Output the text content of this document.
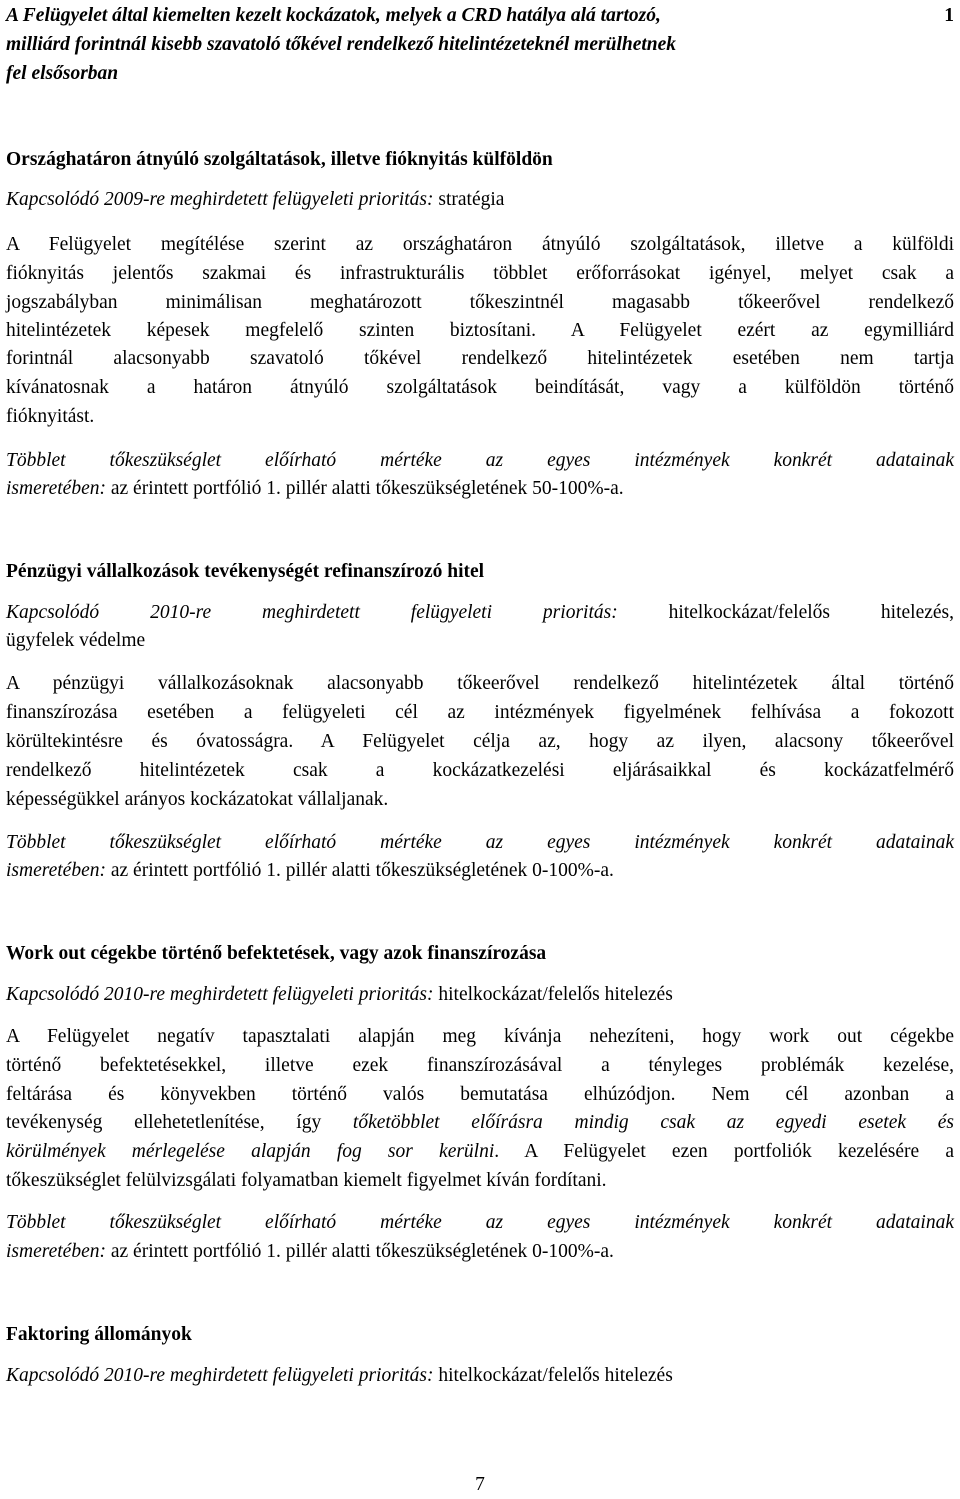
A Felügyelet által kiemelten kezelt kockázatok, melyek a CRD hatálya alá tartozó,	1
milliárd forintnál kisebb szavatoló tőkével rendelkező hitelintézeteknél merülhetnek
fel elsősorban
Országhatáron átnyúló szolgáltatások, illetve fióknyitás külföldön
Kapcsolódó 2009-re meghirdetett felügyeleti prioritás: stratégia
A Felügyelet megítélése szerint az országhatáron átnyúló szolgáltatások, illetve a külföldi
fióknyitás jelentős szakmai és infrastrukturális többlet erőforrásokat igényel, melyet csak a
jogszabályban minimálisan meghatározott tőkeszintnél magasabb tőkeerővel rendelkező
hitelintézetek képesek megfelelő szinten biztosítani. A Felügyelet ezért az egymilliárd
forintnál alacsonyabb szavatoló tőkével rendelkező hitelintézetek esetében nem tartja
kívánatosnak a határon átnyúló szolgáltatások beindítását, vagy a külföldön történő
fióknyitást.
Többlet tőkeszükséglet előírható mértéke az egyes intézmények konkrét adatainak
ismeretében: az érintett portfólió 1. pillér alatti tőkeszükségletének 50-100%-a.
Pénzügyi vállalkozások tevékenységét refinanszírozó hitel
Kapcsolódó 2010-re meghirdetett felügyeleti prioritás:	hitelkockázat/felelős hitelezés,
ügyfelek védelme
A pénzügyi vállalkozásoknak alacsonyabb tőkeerővel rendelkező hitelintézetek által történő
finanszírozása esetében a felügyeleti cél az intézmények figyelmének felhívása a fokozott
körültekintésre és óvatosságra. A Felügyelet célja az, hogy az ilyen, alacsony tőkeerővel
rendelkező hitelintézetek csak a kockázatkezelési eljárásaikkal és kockázatfelmérő
képességükkel arányos kockázatokat vállaljanak.
Többlet tőkeszükséglet előírható mértéke az egyes intézmények konkrét adatainak
ismeretében: az érintett portfólió 1. pillér alatti tőkeszükségletének 0-100%-a.
Work out cégekbe történő befektetések, vagy azok finanszírozása
Kapcsolódó 2010-re meghirdetett felügyeleti prioritás: hitelkockázat/felelős hitelezés
A Felügyelet negatív tapasztalati alapján meg kívánja nehezíteni, hogy work out cégekbe
történő befektetésekkel, illetve ezek finanszírozásával a tényleges problémák kezelése,
feltárása és könyvekben történő valós bemutatása elhúzódjon. Nem cél azonban a
tevékenység ellehetetlenítése, így tőketöbblet előírásra mindig csak az egyedi esetek és
körülmények mérlegelése alapján fog sor kerülni. A Felügyelet ezen portfoliók kezelésére a
tőkeszükséglet felülvizsgálati folyamatban kiemelt figyelmet kíván fordítani.
Többlet tőkeszükséglet előírható mértéke az egyes intézmények konkrét adatainak
ismeretében: az érintett portfólió 1. pillér alatti tőkeszükségletének 0-100%-a.
Faktoring állományok
Kapcsolódó 2010-re meghirdetett felügyeleti prioritás: hitelkockázat/felelős hitelezés
7
